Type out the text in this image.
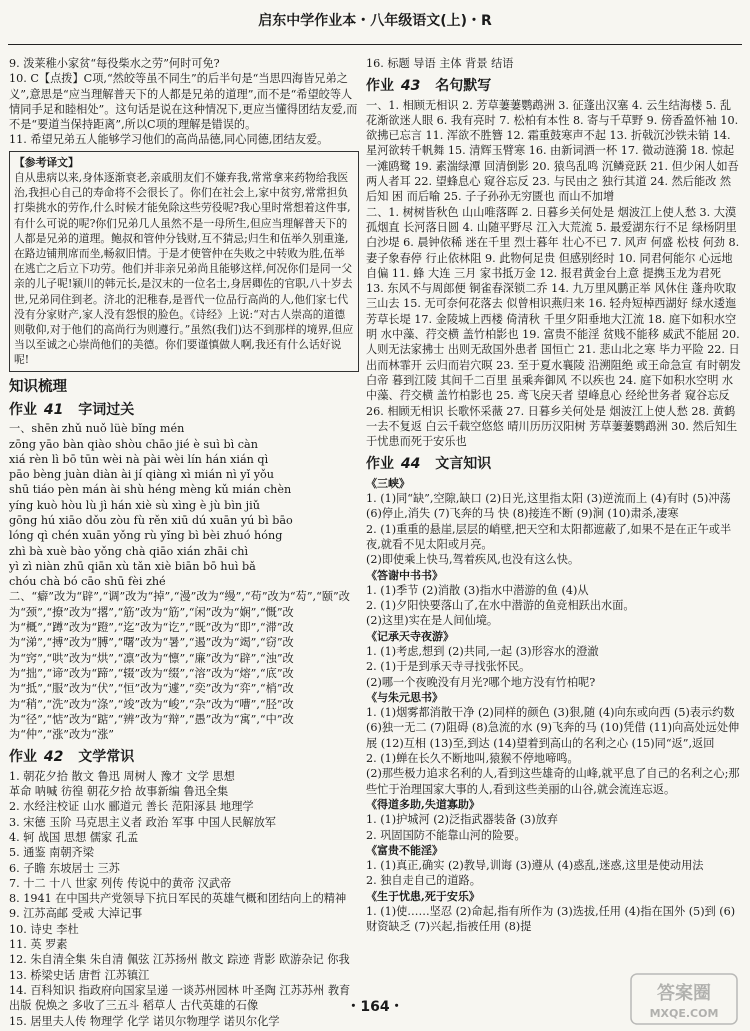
启东中学作业本・八年级语文(上)・R

9. 泼莱稚小家贫“每役柴水之劳”何时可免?

10. C【点拨】C项,“然皎等虽不同生”的后半句是“当思四海皆兄弟之义”,意思是“应当理解普天下的人都是兄弟的道理”,而不是“希望皎等人情同手足和睦相处”。这句话是说在这种情况下,更应当懂得团结友爱,而不是“要道当保持距离”,所以C项的理解是错误的。

11. 希望兄弟五人能够学习他们的高尚品德,同心同德,团结友爱。

【参考译文】
自从患病以来,身体逐渐衰老,亲戚朋友们不嫌弃我,常常拿来药物给我医治,我担心自己的寿命将不会很长了。你们在社会上,家中贫穷,常常担负打柴挑水的劳作,什么时候才能免除这些劳役呢?我心里时常想着这件事,有什么可说的呢?你们兄弟几人虽然不是一母所生,但应当理解普天下的人都是兄弟的道理。鲍叔和管仲分钱财,互不猜忌;归生和伍举久别重逢,在路边铺荆席而坐,畅叙旧情。于是才使管仲在失败之中转败为胜,伍举在逃亡之后立下功劳。他们并非亲兄弟尚且能够这样,何况你们是同一父亲的儿子呢!颍川的韩元长,是汉末的一位名士,身居卿佐的官职,八十岁去世,兄弟同住到老。济北的汜稚春,是晋代一位品行高尚的人,他们家七代没有分家财产,家人没有怨恨的脸色。《诗经》上说:“对古人崇高的道德则敬仰,对于他们的高尚行为则遵行。”虽然(我们)达不到那样的境界,但应当以至诚之心崇尚他们的美德。你们要谨慎做人啊,我还有什么话好说呢!
知识梳理
作业 41 字词过关

一、shēn zhǔ nuǒ lüè bǐng mén

zōng yāo bàn qiào shòu chāo jié è suì bì càn

xiá rèn lì bō tūn wèi nà pài wèi lín hán xián qì

pāo bèng juàn diàn ài jí qiàng xì mián nì yǐ yǒu

shū tiáo pèn mán ài shù héng mèng kǔ mián chèn

yíng kuò hòu lù jì hán xiè sù xìng è jù bìn jiǔ

gōng hú xiāo dǒu zòu fù rěn xiū dú xuān yú bì bāo

lóng qì chén xuān yǒng rù yǐng bì bèi zhuó hóng

zhì bà xuè bào yǒng chà qiāo xián zhāi chì

yì zì niàn zhū qiān xù tǎn xiè biān bō huì bǎ

chóu chà bó cāo shū fèi zhé

二、“癖”改为“辟”,“调”改为“掉”,“漫”改为“缦”,“苟”改为“芶”,“颐”改为“颈”,“撩”改为“撂”,“筋”改为“筋”,“闲”改为“娴”,“慨”改为“概”,“蹲”改为“蹬”,“迄”改为“讫”,“既”改为“即”,“滞”改为“涕”,“搏”改为“膊”,“曙”改为“暑”,“遏”改为“竭”,“窃”改为“窍”,“哄”改为“烘”,“凛”改为“懔”,“廉”改为“辟”,“浊”改为“拙”,“谛”改为“蹄”,“辍”改为“缀”,“溶”改为“熔”,“底”改为“抵”,“服”改为“伏”,“恒”改为“遽”,“奕”改为“弈”,“梢”改为“稍”,“洗”改为“涤”,“竣”改为“峻”,“杂”改为“嘈”,“胫”改为“径”,“惦”改为“踮”,“辨”改为“辩”,“愚”改为“寓”,“中”改为“仲”,“涨”改为“涨”

作业 42 文学常识

1. 朝花夕拾 散文 鲁迅 周树人 豫才 文学 思想

革命 呐喊 彷徨 朝花夕拾 故事新编 鲁迅全集

2. 水经注校证 山水 郦道元 善长 范阳涿县 地理学

3. 宋德 玉阶 马克思主义者 政治 军事 中国人民解放军

4. 轲 战国 思想 儒家 孔孟

5. 通鉴 南朝齐梁

6. 子瞻 东坡居士 三苏

7. 十二 十八 世家 列传 传说中的黄帝 汉武帝

8. 1941 在中国共产党领导下抗日军民的英雄气概和团结向上的精神

9. 江苏高邮 受戒 大淖记事

10. 诗史 李杜

11. 英 罗素

12. 朱自清全集 朱自清 佩弦 江苏扬州 散文 踪迹 背影 欧游杂记 你我

13. 桥梁史话 唐哲 江苏镇江

14. 百科知识 指政府向国家呈递 一谈苏州园林 叶圣陶 江苏苏州 教育 出版 倪焕之 多收了三五斗 稻草人 古代英雄的石像

15. 居里夫人传 物理学 化学 诺贝尔物理学 诺贝尔化学

16. 标题 导语 主体 背景 结语

作业 43 名句默写

一、1. 相顾无相识 2. 芳草萋萋鹦鹉洲 3. 征蓬出汉塞 4. 云生结海楼 5. 乱花渐欲迷人眼 6. 我有亮时 7. 松柏有本性 8. 寄与千草野 9. 傍香盈怀袖 10. 欲拂已忘言 11. 浑欲不胜簪 12. 霜重鼓寒声不起 13. 折戟沉沙铁未销 14. 星河欲转千帆舞 15. 清辉玉臂寒 16. 由新词酒一杯 17. 微动涟漪 18. 惊起一滩鸥鹭 19. 素湍绿潭 回清倒影 20. 猿鸟乱鸣 沉鳞竞跃 21. 但少闲人如吾两人者耳 22. 望蜂息心 窥谷忘反 23. 与民由之 独行其道 24. 然后能改 然后知 困 而后喻 25. 子子孙孙无穷匮也 而山不加增

二、1. 树树皆秋色 山山唯落晖 2. 日暮乡关何处是 烟波江上使人愁 3. 大漠孤烟直 长河落日圆 4. 山随平野尽 江入大荒流 5. 最爱湖东行不足 绿杨阴里白沙堤 6. 晨钟依稀 迷在千里 烈士暮年 壮心不已 7. 风声 何盛 松枝 何劲 8. 妻子象春停 行止依林阻 9. 此物何足贵 但感别经时 10. 同君何能尔 心远地自偏 11. 蜂 大连 三月 家书抵万金 12. 报君黄金台上意 提携玉龙为君死 13. 东风不与周郎便 铜雀春深锁二乔 14. 九万里风鹏正举 风休住 蓬舟吹取三山去 15. 无可奈何花落去 似曾相识燕归来 16. 轻舟短棹西湖好 绿水逶迤 芳草长堤 17. 金陵城上西楼 倚清秋 千里夕阳垂地大江流 18. 庭下如积水空明 水中藻、荇交横 盖竹柏影也 19. 富贵不能淫 贫贱不能移 威武不能屈 20. 人则无法家拂士 出则无敌国外患者 国恒亡 21. 悲山北之寒 毕力平险 22. 日出而林霏开 云归而岩穴暝 23. 至于夏水襄陵 沿溯阻绝 或王命急宣 有时朝发白帝 暮到江陵 其间千二百里 虽乘奔御风 不以疾也 24. 庭下如积水空明 水中藻、荇交横 盖竹柏影也 25. 鸢飞戾天者 望峰息心 经纶世务者 窥谷忘反 26. 相顾无相识 长歌怀采薇 27. 日暮乡关何处是 烟波江上使人愁 28. 黄鹤一去不复返 白云千载空悠悠 晴川历历汉阳树 芳草萋萋鹦鹉洲 30. 然后知生于忧患而死于安乐也

作业 44 文言知识
《三峡》

1. (1)同“缺”,空隙,缺口 (2)日光,这里指太阳 (3)逆流而上 (4)有时 (5)冲荡 (6)停止,消失 (7)飞奔的马 快 (8)接连不断 (9)涧 (10)肃杀,凄寒

2. (1)重重的悬崖,层层的峭壁,把天空和太阳都遮蔽了,如果不是在正午或半夜,就看不见太阳或月亮。

(2)即使乘上快马,驾着疾风,也没有这么快。

《答谢中书书》

1. (1)季节 (2)消散 (3)指水中潜游的鱼 (4)从

2. (1)夕阳快要落山了,在水中潜游的鱼竞相跃出水面。

(2)这里)实在是人间仙境。

《记承天寺夜游》

1. (1)考虑,想到 (2)共同,一起 (3)形容水的澄澈

2. (1)于是到承天寺寻找张怀民。

(2)哪一个夜晚没有月光?哪个地方没有竹柏呢?

《与朱元思书》

1. (1)烟雾都消散干净 (2)同样的颜色 (3)狠,随 (4)向东或向西 (5)表示约数 (6)独一无二 (7)阻碍 (8)急流的水 (9)飞奔的马 (10)凭借 (11)向高处远处伸展 (12)互相 (13)至,到达 (14)望着到高山的名利之心 (15)同“返”,返回

2. (1)蝉在长久不断地叫,猿猴不停地啼鸣。

(2)那些极力追求名利的人,看到这些雄奇的山峰,就平息了自己的名利之心;那些忙于治理国家大事的人,看到这些美丽的山谷,就会流连忘返。

《得道多助,失道寡助》

1. (1)护城河 (2)泛指武器装备 (3)放弃

2. 巩固国防不能靠山河的险要。

《富贵不能淫》

1. (1)真正,确实 (2)教导,训诲 (3)遵从 (4)惑乱,迷惑,这里是使动用法

2. 独自走自己的道路。

《生于忧患,死于安乐》

1. (1)使……坚忍 (2)命起,指有所作为 (3)选拔,任用 (4)指在国外 (5)到 (6)财资缺乏 (7)兴起,指被任用 (8)提

・164・
答案圈
MXQE.COM
